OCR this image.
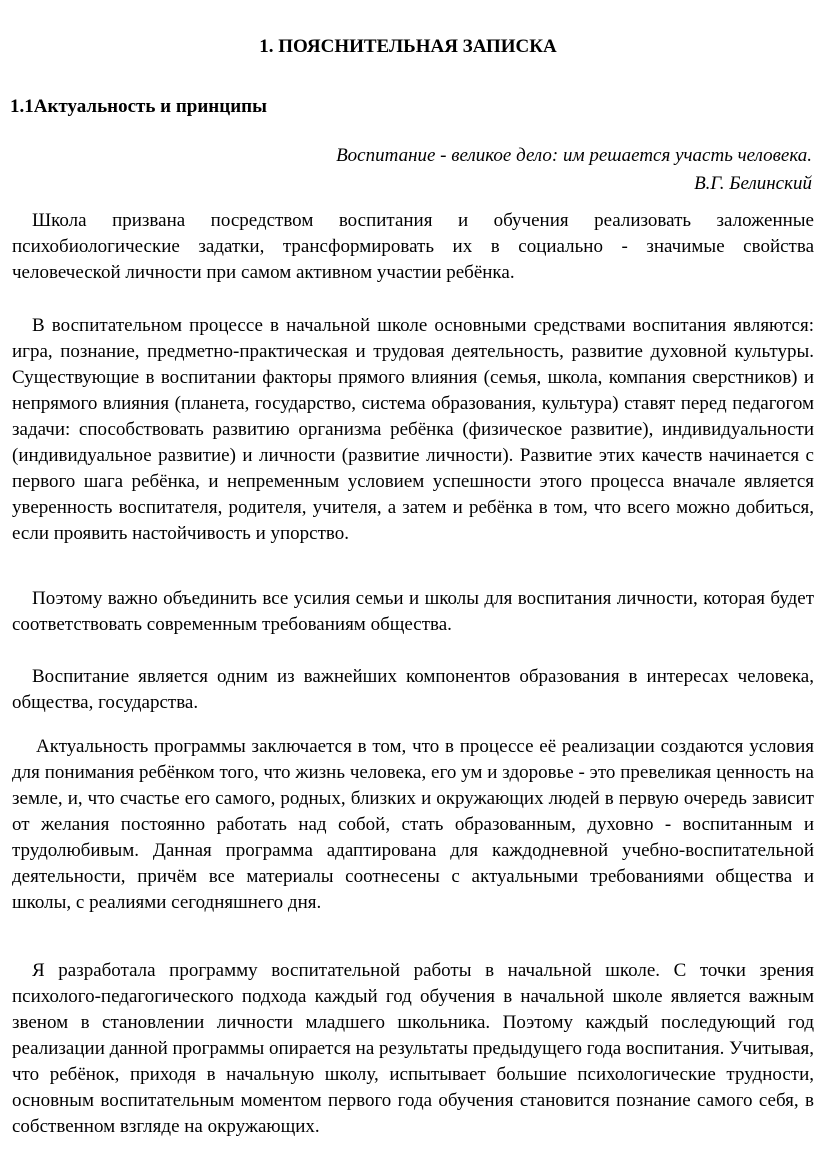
1. ПОЯСНИТЕЛЬНАЯ ЗАПИСКА
1.1Актуальность и принципы
Воспитание - великое дело: им решается участь человека.
В.Г. Белинский

Школа призвана посредством воспитания и обучения реализовать заложенные психобиологические задатки, трансформировать их в социально - значимые свойства человеческой личности при самом активном участии ребёнка.

В воспитательном процессе в начальной школе основными средствами воспитания являются: игра, познание, предметно-практическая и трудовая деятельность, развитие духовной культуры. Существующие в воспитании факторы прямого влияния (семья, школа, компания сверстников) и непрямого влияния (планета, государство, система образования, культура) ставят перед педагогом задачи: способствовать развитию организма ребёнка (физическое развитие), индивидуальности (индивидуальное развитие) и личности (развитие личности). Развитие этих качеств начинается с первого шага ребёнка, и непременным условием успешности этого процесса вначале является уверенность воспитателя, родителя, учителя, а затем и ребёнка в том, что всего можно добиться, если проявить настойчивость и упорство.

Поэтому важно объединить все усилия семьи и школы для воспитания личности, которая будет соответствовать современным требованиям общества.

Воспитание является одним из важнейших компонентов образования в интересах человека, общества, государства.

Актуальность программы заключается в том, что в процессе её реализации создаются условия для понимания ребёнком того, что жизнь человека, его ум и здоровье - это превеликая ценность на земле, и, что счастье его самого, родных, близких и окружающих людей в первую очередь зависит от желания постоянно работать над собой, стать образованным, духовно - воспитанным и трудолюбивым. Данная программа адаптирована для каждодневной учебно-воспитательной деятельности, причём все материалы соотнесены с актуальными требованиями общества и школы, с реалиями сегодняшнего дня.

Я разработала программу воспитательной работы в начальной школе. С точки зрения психолого-педагогического подхода каждый год обучения в начальной школе является важным звеном в становлении личности младшего школьника. Поэтому каждый последующий год реализации данной программы опирается на результаты предыдущего года воспитания. Учитывая, что ребёнок, приходя в начальную школу, испытывает большие психологические трудности, основным воспитательным моментом первого года обучения становится познание самого себя, в собственном взгляде на окружающих.
